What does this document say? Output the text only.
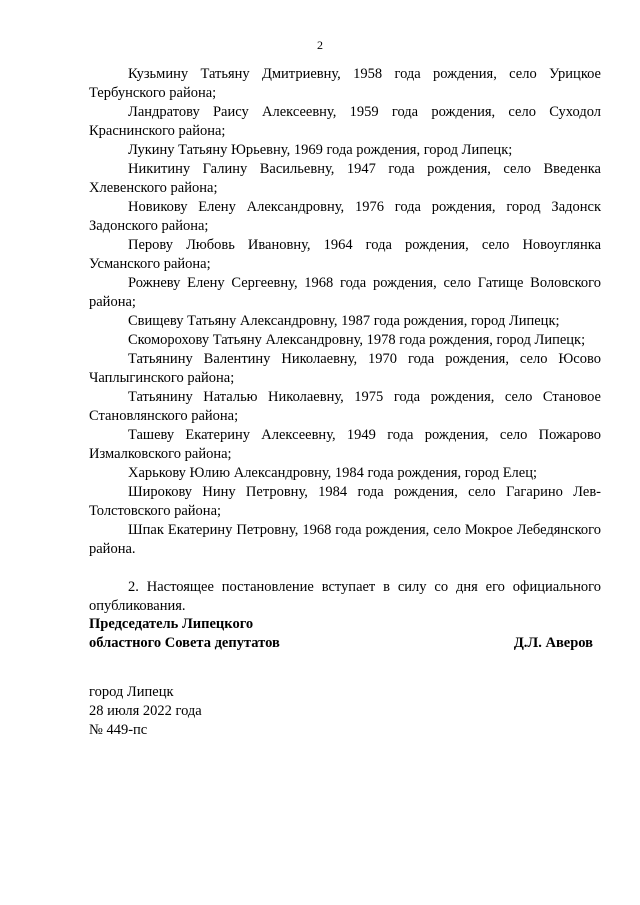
2

Кузьмину Татьяну Дмитриевну, 1958 года рождения, село Урицкое Тербунского района;

Ландратову Раису Алексеевну, 1959 года рождения, село Суходол Краснинского района;

Лукину Татьяну Юрьевну, 1969 года рождения, город Липецк;

Никитину Галину Васильевну, 1947 года рождения, село Введенка Хлевенского района;

Новикову Елену Александровну, 1976 года рождения, город Задонск Задонского района;

Перову Любовь Ивановну, 1964 года рождения, село Новоуглянка Усманского района;

Рожневу Елену Сергеевну, 1968 года рождения, село Гатище Воловского района;

Свищеву Татьяну Александровну, 1987 года рождения, город Липецк;

Скоморохову Татьяну Александровну, 1978 года рождения, город Липецк;

Татьянину Валентину Николаевну, 1970 года рождения, село Юсово Чаплыгинского района;

Татьянину Наталью Николаевну, 1975 года рождения, село Становое Становлянского района;

Ташеву Екатерину Алексеевну, 1949 года рождения, село Пожарово Измалковского района;

Харькову Юлию Александровну, 1984 года рождения, город Елец;

Широкову Нину Петровну, 1984 года рождения, село Гагарино Лев-Толстовского района;

Шпак Екатерину Петровну, 1968 года рождения, село Мокрое Лебедянского района.

2. Настоящее постановление вступает в силу со дня его официального опубликования.

Председатель Липецкого
областного Совета депутатов	Д.Л. Аверов
город Липецк
28 июля 2022 года
№ 449-пс
